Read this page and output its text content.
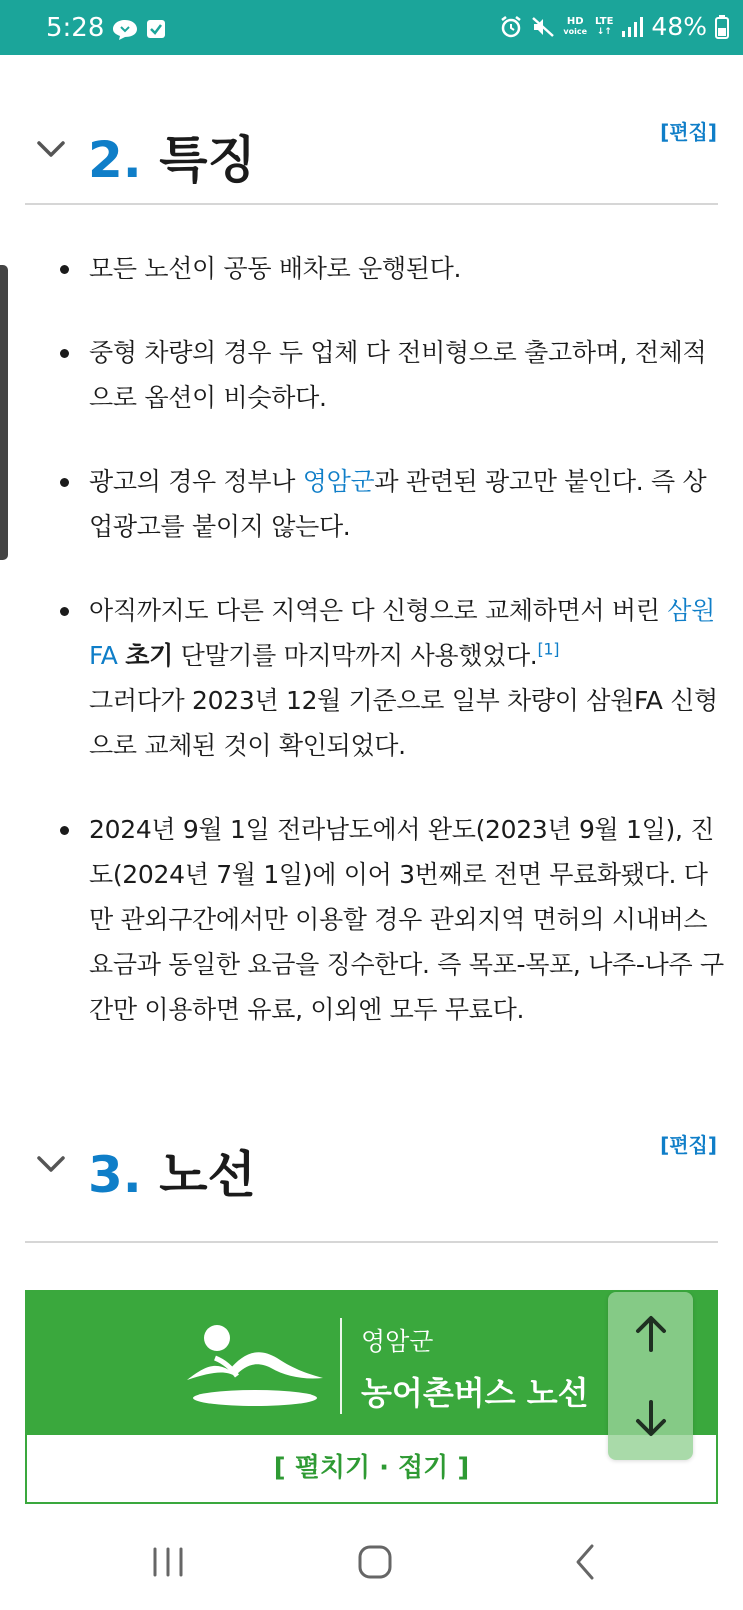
5:28	HD
voice
LTE
↓↑ 48%
2. 특징	[편집]
모든 노선이 공동 배차로 운행된다.
중형 차량의 경우 두 업체 다 전비형으로 출고하며, 전체적으로 옵션이 비슷하다.
광고의 경우 정부나 영암군과 관련된 광고만 붙인다. 즉 상업광고를 붙이지 않는다.
아직까지도 다른 지역은 다 신형으로 교체하면서 버린 삼원FA 초기 단말기를 마지막까지 사용했었다.[1]
그러다가 2023년 12월 기준으로 일부 차량이 삼원FA 신형으로 교체된 것이 확인되었다.
2024년 9월 1일 전라남도에서 완도(2023년 9월 1일), 진도(2024년 7월 1일)에 이어 3번째로 전면 무료화됐다. 다만 관외구간에서만 이용할 경우 관외지역 면허의 시내버스 요금과 동일한 요금을 징수한다. 즉 목포-목포, 나주-나주 구간만 이용하면 유료, 이외엔 모두 무료다.
3. 노선
[편집]
영암군
농어촌버스 노선
[ 펼치기 · 접기 ]
